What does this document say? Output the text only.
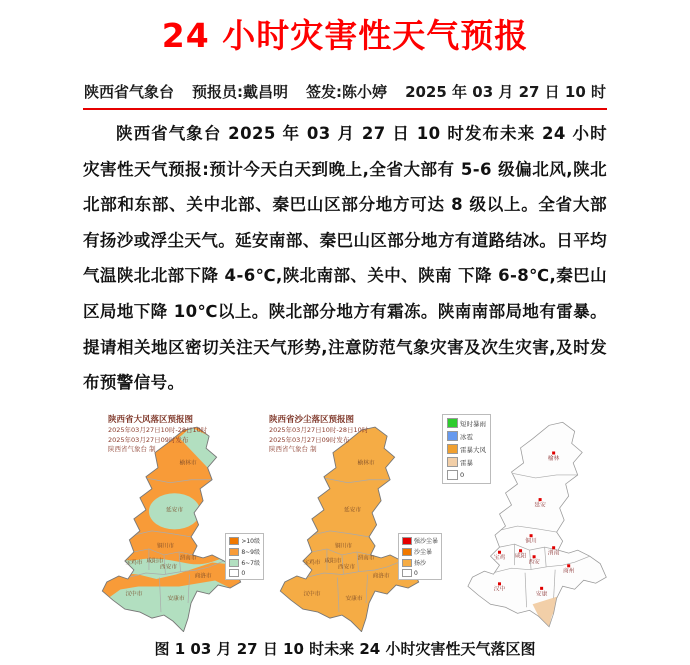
24 小时灾害性天气预报
陕西省气象台 预报员:戴昌明 签发:陈小婷 2025 年 03 月 27 日 10 时

陕西省气象台 2025 年 03 月 27 日 10 时发布未来 24 小时灾害性天气预报:预计今天白天到晚上,全省大部有 5-6 级偏北风,陕北北部和东部、关中北部、秦巴山区部分地方可达 8 级以上。全省大部有扬沙或浮尘天气。延安南部、秦巴山区部分地方有道路结冰。日平均气温陕北北部下降 4-6℃,陕北南部、关中、陕南 下降 6-8℃,秦巴山区局地下降 10℃以上。陕北部分地方有霜冻。陕南南部局地有雷暴。提请相关地区密切关注天气形势,注意防范气象灾害及次生灾害,及时发布预警信号。

陕西省大风落区预报图
2025年03月27日10时-28日10时
2025年03月27日09时发布
陕西省气象台 制
榆林市
延安市
铜川市
渭南市
西安市
咸阳市
宝鸡市
商洛市
安康市
汉中市
>10级
8~9级
6~7级
0
陕西省沙尘落区预报图
2025年03月27日10时-28日10时
2025年03月27日09时发布
陕西省气象台 制
榆林市
延安市
铜川市
渭南市
西安市
咸阳市
宝鸡市
商洛市
安康市
汉中市
强沙尘暴
沙尘暴
扬沙
0
榆林
延安
铜川
渭南
西安
咸阳
宝鸡
商州
安康
汉中
短时暴雨
冰雹
雷暴大风
雷暴
0
图 1 03 月 27 日 10 时未来 24 小时灾害性天气落区图
